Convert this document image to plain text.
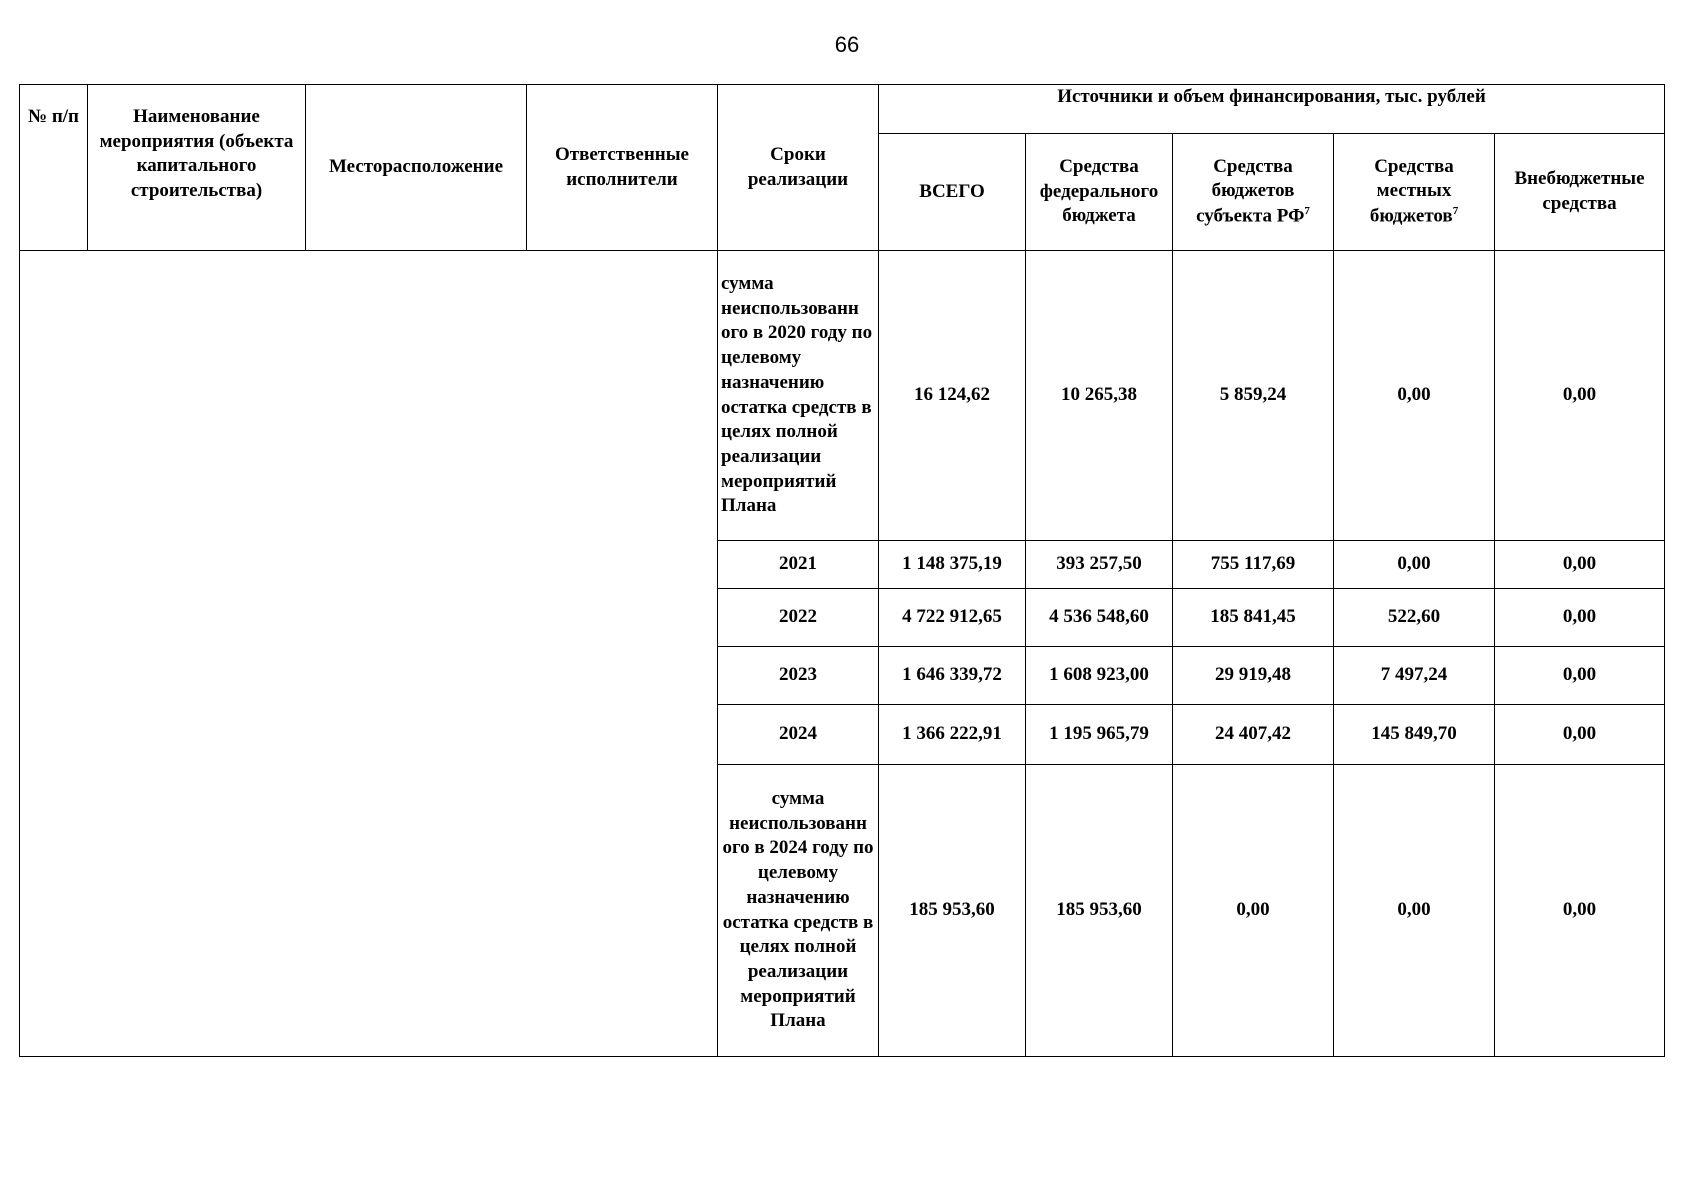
66
№ п/п	Наименование мероприятия (объекта капитального строительства)	Месторасположение	Ответственные исполнители	Сроки реализации	Источники и объем финансирования, тыс. рублей				
					ВСЕГО	Средства федерального бюджета	Средства бюджетов субъекта $РФ^7$	Средства местных бюджетов$^7$	Внебюджетные средства
				сумма неиспользованн ого в 2020 году по целевому назначению остатка средств в целях полной реализации мероприятий Плана	16 124,62	10 265,38	5 859,24	0,00	0,00
				2021	1 148 375,19	393 257,50	755 117,69	0,00	0,00
				2022	4 722 912,65	4 536 548,60	185 841,45	522,60	0,00
				2023	1 646 339,72	1 608 923,00	29 919,48	7 497,24	0,00
				2024	1 366 222,91	1 195 965,79	24 407,42	145 849,70	0,00
				сумма неиспользованн ого в 2024 году по целевому назначению остатка средств в целях полной реализации мероприятий Плана	185 953,60	185 953,60	0,00	0,00	0,00
